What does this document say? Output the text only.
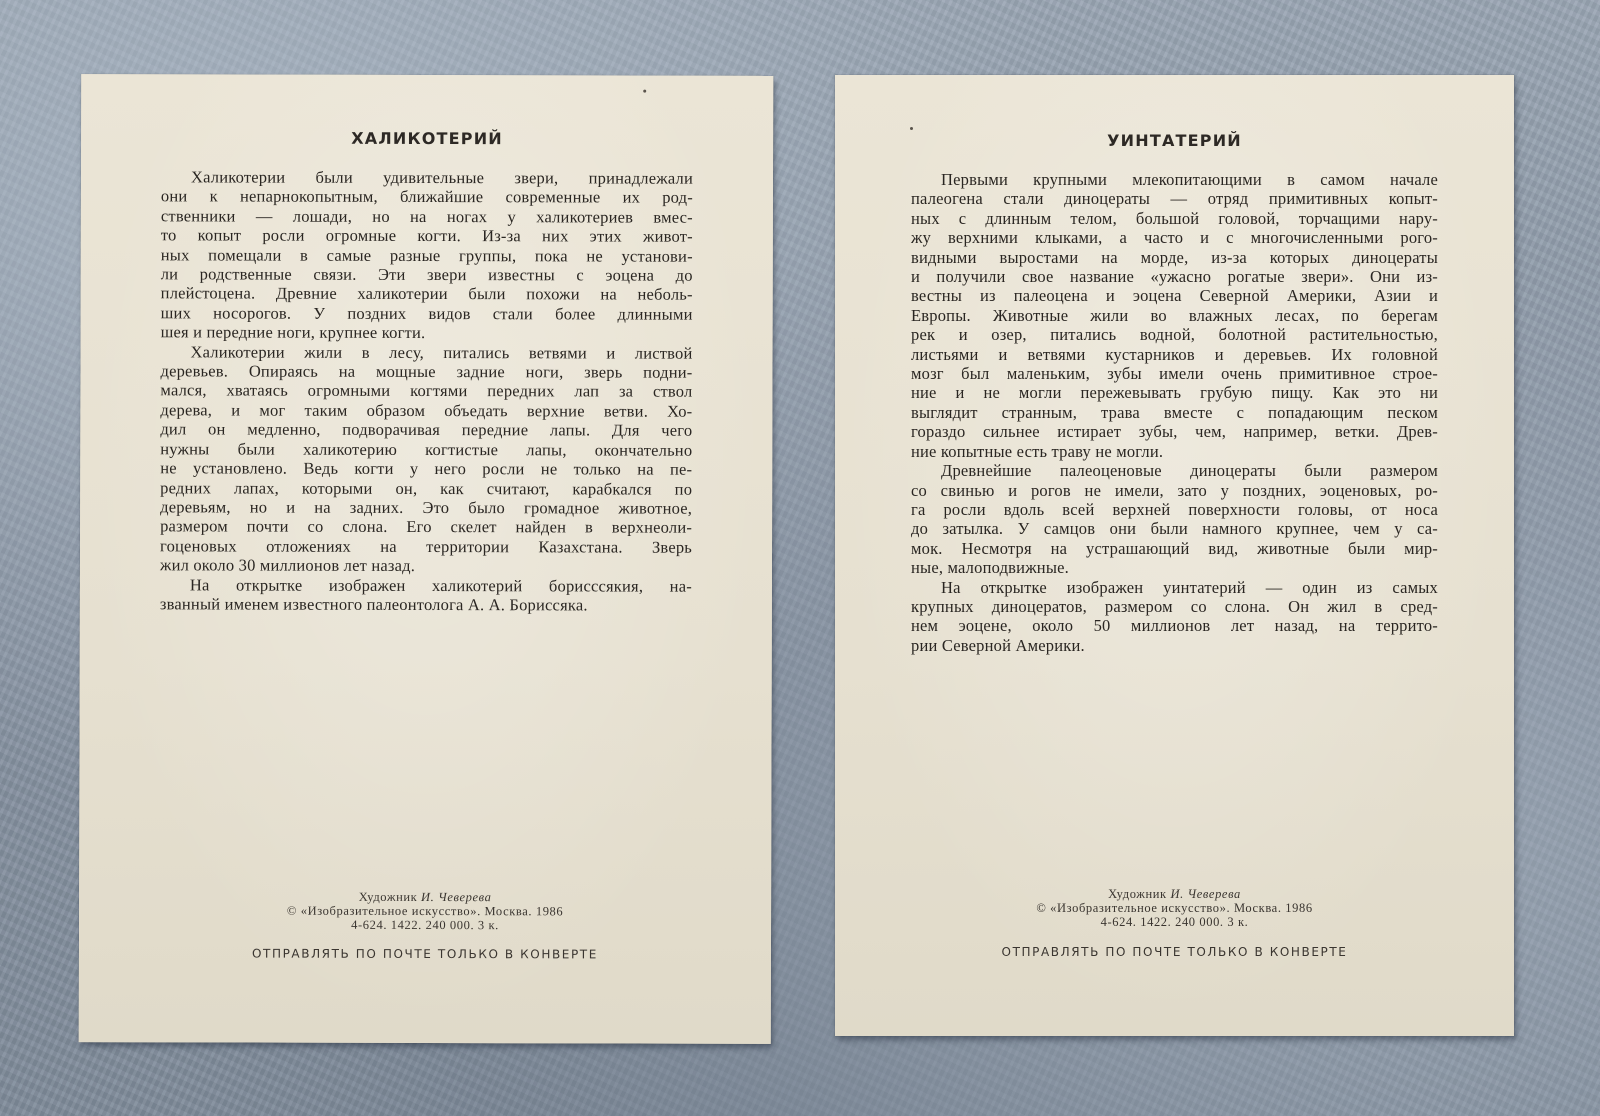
ХАЛИКОТЕРИЙ

Халикотерии были удивительные звери, принадлежали
они к непарнокопытным, ближайшие современные их род-
ственники — лошади, но на ногах у халикотериев вмес-
то копыт росли огромные когти. Из-за них этих живот-
ных помещали в самые разные группы, пока не установи-
ли родственные связи. Эти звери известны с эоцена до
плейстоцена. Древние халикотерии были похожи на неболь-
ших носорогов. У поздних видов стали более длинными
шея и передние ноги, крупнее когти.

Халикотерии жили в лесу, питались ветвями и листвой
деревьев. Опираясь на мощные задние ноги, зверь подни-
мался, хватаясь огромными когтями передних лап за ствол
дерева, и мог таким образом объедать верхние ветви. Хо-
дил он медленно, подворачивая передние лапы. Для чего
нужны были халикотерию когтистые лапы, окончательно
не установлено. Ведь когти у него росли не только на пе-
редних лапах, которыми он, как считают, карабкался по
деревьям, но и на задних. Это было громадное животное,
размером почти со слона. Его скелет найден в верхнеоли-
гоценовых отложениях на территории Казахстана. Зверь
жил около 30 миллионов лет назад.

На открытке изображен халикотерий борисссякия, на-
званный именем известного палеонтолога А. А. Борисcяка.

Художник И. Чеверева
© «Изобразительное искусство». Москва. 1986
4-624. 1422. 240 000. 3 к.
ОТПРАВЛЯТЬ ПО ПОЧТЕ ТОЛЬКО В КОНВЕРТЕ
УИНТАТЕРИЙ

Первыми крупными млекопитающими в самом начале
палеогена стали диноцераты — отряд примитивных копыт-
ных с длинным телом, большой головой, торчащими нару-
жу верхними клыками, а часто и с многочисленными рого-
видными выростами на морде, из-за которых диноцераты
и получили свое название «ужасно рогатые звери». Они из-
вестны из палеоцена и эоцена Северной Америки, Азии и
Европы. Животные жили во влажных лесах, по берегам
рек и озер, питались водной, болотной растительностью,
листьями и ветвями кустарников и деревьев. Их головной
мозг был маленьким, зубы имели очень примитивное строе-
ние и не могли пережевывать грубую пищу. Как это ни
выглядит странным, трава вместе с попадающим песком
гораздо сильнее истирает зубы, чем, например, ветки. Древ-
ние копытные есть траву не могли.

Древнейшие палеоценовые диноцераты были размером
со свинью и рогов не имели, зато у поздних, эоценовых, ро-
га росли вдоль всей верхней поверхности головы, от носа
до затылка. У самцов они были намного крупнее, чем у са-
мок. Несмотря на устрашающий вид, животные были мир-
ные, малоподвижные.

На открытке изображен уинтатерий — один из самых
крупных диноцератов, размером со слона. Он жил в сред-
нем эоцене, около 50 миллионов лет назад, на террито-
рии Северной Америки.

Художник И. Чеверева
© «Изобразительное искусство». Москва. 1986
4-624. 1422. 240 000. 3 к.
ОТПРАВЛЯТЬ ПО ПОЧТЕ ТОЛЬКО В КОНВЕРТЕ
